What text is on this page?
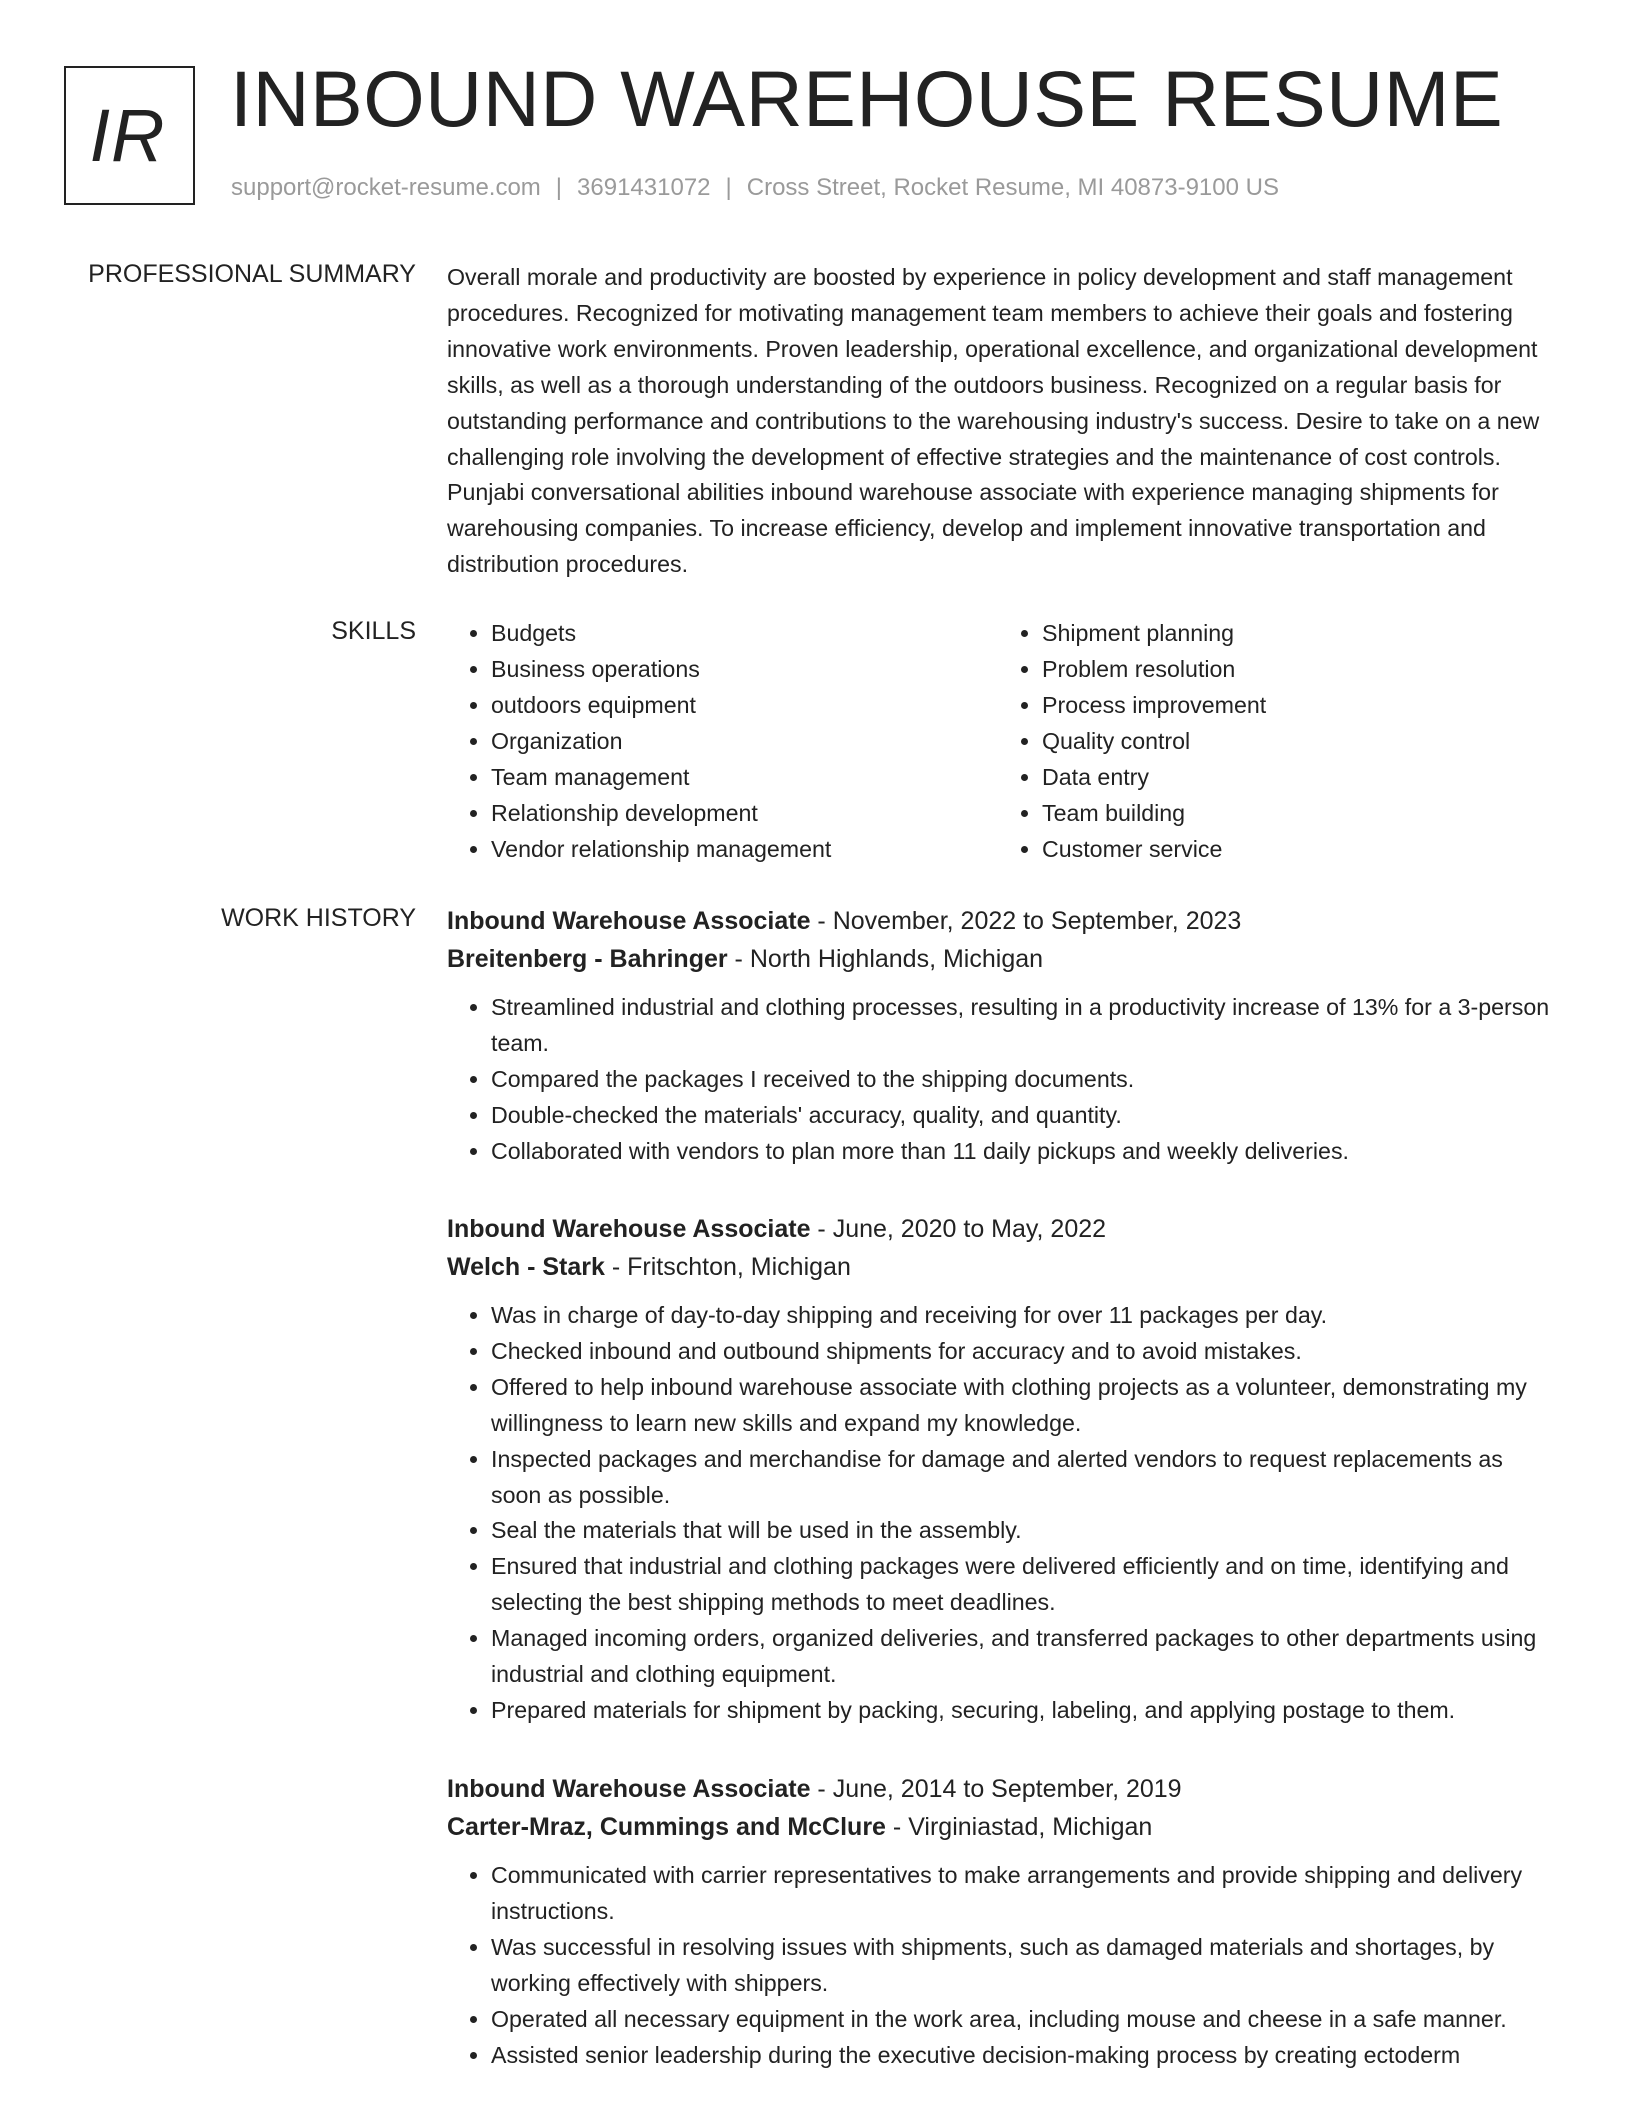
IR INBOUND WAREHOUSE RESUME
support@rocket-resume.com | 3691431072 | Cross Street, Rocket Resume, MI 40873-9100 US
PROFESSIONAL SUMMARY Overall morale and productivity are boosted by experience in policy development and staff management procedures. Recognized for motivating management team members to achieve their goals and fostering innovative work environments. Proven leadership, operational excellence, and organizational development skills, as well as a thorough understanding of the outdoors business. Recognized on a regular basis for outstanding performance and contributions to the warehousing industry's success. Desire to take on a new challenging role involving the development of effective strategies and the maintenance of cost controls. Punjabi conversational abilities inbound warehouse associate with experience managing shipments for warehousing companies. To increase efficiency, develop and implement innovative transportation and distribution procedures.

SKILLS
•	Budgets
• Business operations
• outdoors equipment
• Organization
• Team management
• Relationship development
• Vendor relationship management
• Shipment planning
• Problem resolution
• Process improvement
• Quality control
• Data entry
• Team building
• Customer service
WORK HISTORY Inbound Warehouse Associate - November, 2022 to September, 2023
Breitenberg - Bahringer - North Highlands, Michigan
• Streamlined industrial and clothing processes, resulting in a productivity increase of 13% for a 3-person team.
• Compared the packages I received to the shipping documents.
• Double-checked the materials' accuracy, quality, and quantity.
• Collaborated with vendors to plan more than 11 daily pickups and weekly deliveries.
Inbound Warehouse Associate - June, 2020 to May, 2022
Welch - Stark - Fritschton, Michigan
• Was in charge of day-to-day shipping and receiving for over 11 packages per day.
• Checked inbound and outbound shipments for accuracy and to avoid mistakes.
• Offered to help inbound warehouse associate with clothing projects as a volunteer, demonstrating my willingness to learn new skills and expand my knowledge.
• Inspected packages and merchandise for damage and alerted vendors to request replacements as soon as possible.
• Seal the materials that will be used in the assembly.
• Ensured that industrial and clothing packages were delivered efficiently and on time, identifying and selecting the best shipping methods to meet deadlines.
• Managed incoming orders, organized deliveries, and transferred packages to other departments using industrial and clothing equipment.
• Prepared materials for shipment by packing, securing, labeling, and applying postage to them.
Inbound Warehouse Associate - June, 2014 to September, 2019
Carter-Mraz, Cummings and McClure - Virginiastad, Michigan
• Communicated with carrier representatives to make arrangements and provide shipping and delivery instructions.
• Was successful in resolving issues with shipments, such as damaged materials and shortages, by working effectively with shippers.
• Operated all necessary equipment in the work area, including mouse and cheese in a safe manner.
• Assisted senior leadership during the executive decision-making process by creating ectoderm
